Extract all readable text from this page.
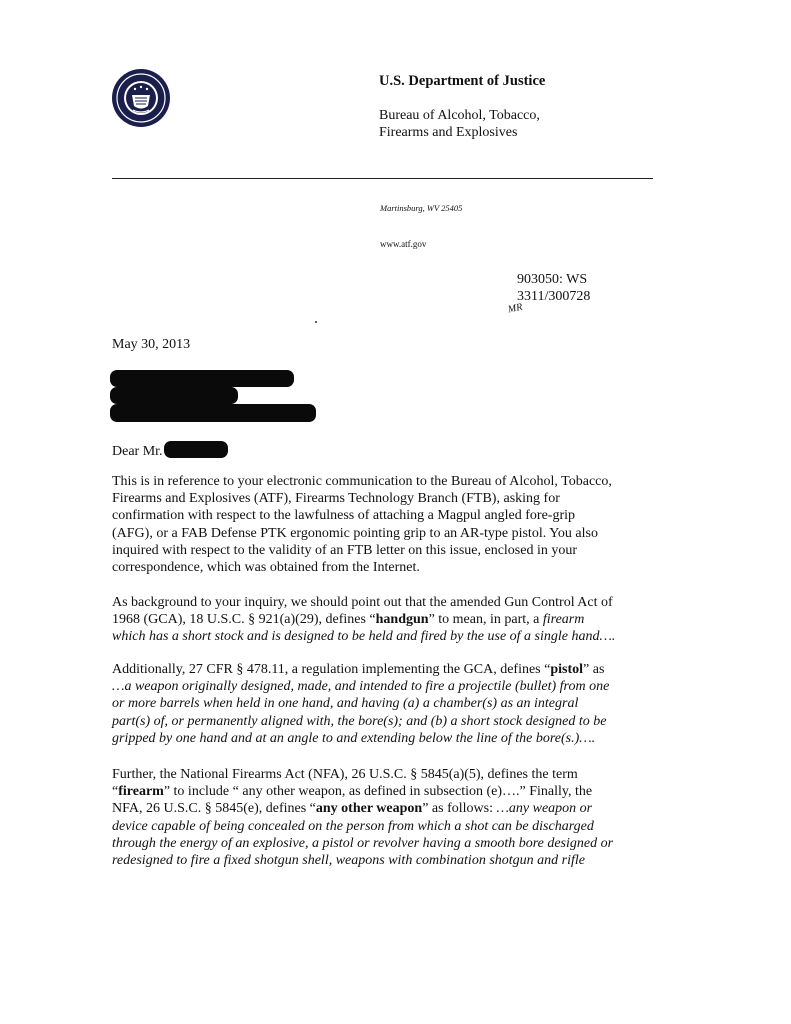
U.S. Department of Justice
Bureau of Alcohol, Tobacco,
Firearms and Explosives
Martinsburg, WV 25405
www.atf.gov
903050: WS
3311/300728
MR
May 30, 2013
Dear Mr.

This is in reference to your electronic communication to the Bureau of Alcohol, Tobacco,
Firearms and Explosives (ATF), Firearms Technology Branch (FTB), asking for
confirmation with respect to the lawfulness of attaching a Magpul angled fore-grip
(AFG), or a FAB Defense PTK ergonomic pointing grip to an AR-type pistol. You also
inquired with respect to the validity of an FTB letter on this issue, enclosed in your
correspondence, which was obtained from the Internet.

As background to your inquiry, we should point out that the amended Gun Control Act of
1968 (GCA), 18 U.S.C. § 921(a)(29), defines “handgun” to mean, in part, a firearm
which has a short stock and is designed to be held and fired by the use of a single hand….

Additionally, 27 CFR § 478.11, a regulation implementing the GCA, defines “pistol” as
…a weapon originally designed, made, and intended to fire a projectile (bullet) from one
or more barrels when held in one hand, and having (a) a chamber(s) as an integral
part(s) of, or permanently aligned with, the bore(s); and (b) a short stock designed to be
gripped by one hand and at an angle to and extending below the line of the bore(s.)….

Further, the National Firearms Act (NFA), 26 U.S.C. § 5845(a)(5), defines the term
“firearm” to include “ any other weapon, as defined in subsection (e)….” Finally, the
NFA, 26 U.S.C. § 5845(e), defines “any other weapon” as follows: …any weapon or
device capable of being concealed on the person from which a shot can be discharged
through the energy of an explosive, a pistol or revolver having a smooth bore designed or
redesigned to fire a fixed shotgun shell, weapons with combination shotgun and rifle
